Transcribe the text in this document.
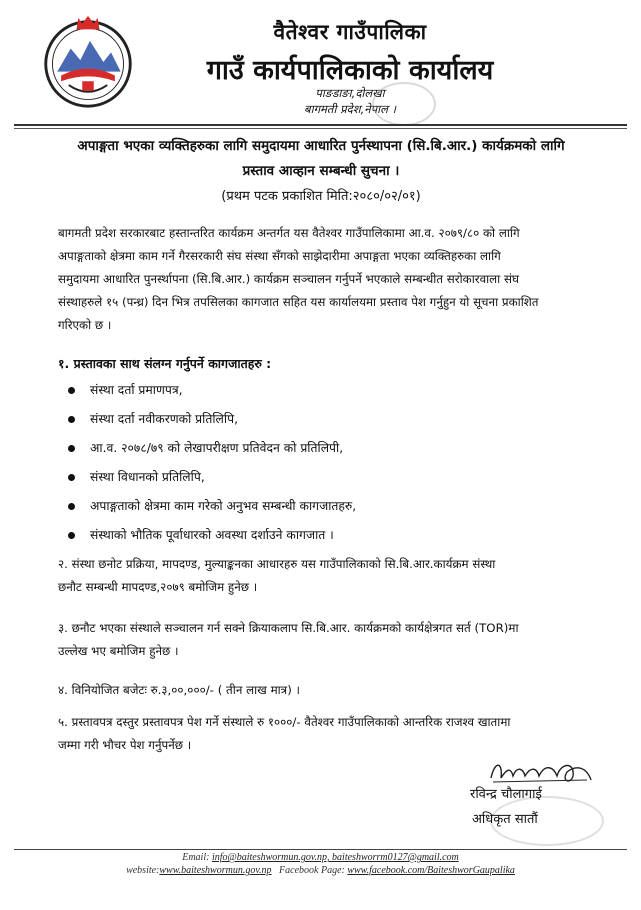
वैतेश्वर गाउँपालिका
गाउँ कार्यपालिकाको कार्यालय
पाङडाङा,दोलखा
बागमती प्रदेश,नेपाल ।
अपाङ्गता भएका व्यक्तिहरुका लागि समुदायमा आधारित पुर्नस्थापना (सि.बि.आर.) कार्यक्रमको लागि
प्रस्ताव आव्हान सम्बन्धी सुचना ।
(प्रथम पटक प्रकाशित मिति:२०८०/०२/०१)
बागमती प्रदेश सरकारबाट हस्तान्तरित कार्यक्रम अन्तर्गत यस वैतेश्वर गाउँपालिकामा आ.व. २०७९/८० को लागि
अपाङ्गताको क्षेत्रमा काम गर्ने गैरसरकारी संघ संस्था सँगको साझेदारीमा अपाङ्गता भएका व्यक्तिहरुका लागि
समुदायमा आधारित पुनर्स्थापना (सि.बि.आर.) कार्यक्रम सञ्चालन गर्नुपर्ने भएकाले सम्बन्धीत सरोकारवाला संघ
संस्थाहरुले १५ (पन्ध्र) दिन भित्र तपसिलका कागजात सहित यस कार्यालयमा प्रस्ताव पेश गर्नुहुन यो सूचना प्रकाशित
गरिएको छ ।
१. प्रस्तावका साथ संलग्न गर्नुपर्ने कागजातहरु :
संस्था दर्ता प्रमाणपत्र,
संस्था दर्ता नवीकरणको प्रतिलिपि,
आ.व. २०७८/७९ को लेखापरीक्षण प्रतिवेदन को प्रतिलिपी,
संस्था विधानको प्रतिलिपि,
अपाङ्गताको क्षेत्रमा काम गरेको अनुभव सम्बन्धी कागजातहरु,
संस्थाको भौतिक पूर्वाधारको अवस्था दर्शाउने कागजात ।
२. संस्था छनोट प्रक्रिया, मापदण्ड, मुल्याङ्कनका आधारहरु यस गाउँपालिकाको सि.बि.आर.कार्यक्रम संस्था
छनौट सम्बन्धी मापदण्ड,२०७९ बमोजिम हुनेछ ।
३. छनौट भएका संस्थाले सञ्चालन गर्न सक्ने क्रियाकलाप सि.बि.आर. कार्यक्रमको कार्यक्षेत्रगत सर्त (TOR)मा
उल्लेख भए बमोजिम हुनेछ ।
४. विनियोजित बजेटः रु.३,००,०००/- ( तीन लाख मात्र) ।
५. प्रस्तावपत्र दस्तुर प्रस्तावपत्र पेश गर्ने संस्थाले रु १०००/- वैतेश्वर गाउँपालिकाको आन्तरिक राजश्व खातामा
जम्मा गरी भौचर पेश गर्नुपर्नेछ ।
रविन्द्र चौलागाई
अधिकृत सातौं
Email: info@baiteshwormun.gov.np, baiteshworrm0127@gmail.com
website:www.baiteshwormun.gov.np Facebook Page: www.facebook.com/BaiteshworGaupalika
